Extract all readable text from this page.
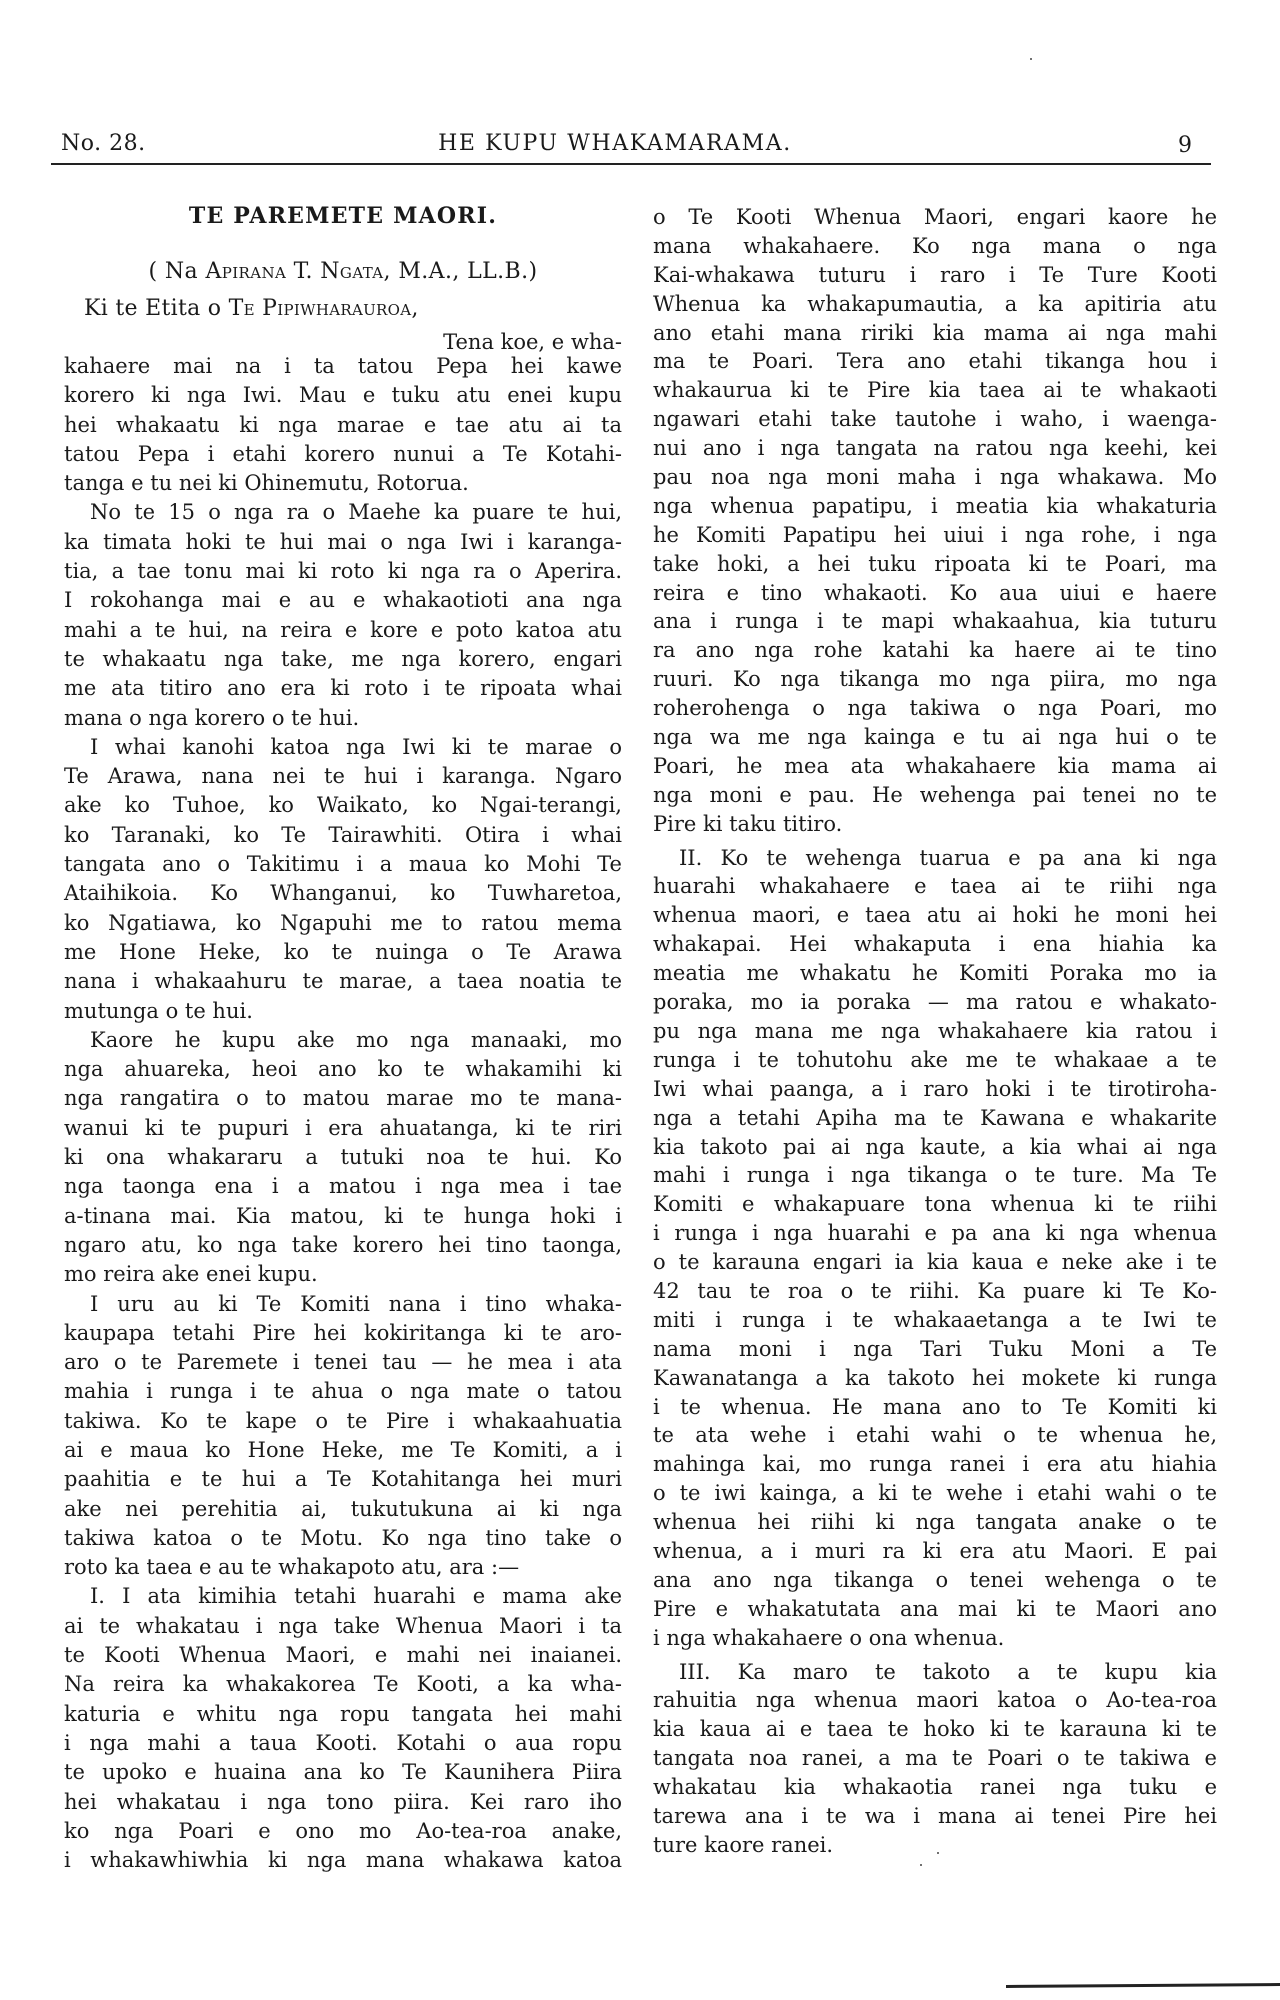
No. 28.	HE KUPU WHAKAMARAMA.	9
TE PAREMETE MAORI.
( Na Apirana T. Ngata, M.A., LL.B.)
Ki te Etita o Te Pipiwharauroa,
Tena koe, e wha-
kahaere mai na i ta tatou Pepa hei kawe
korero ki nga Iwi. Mau e tuku atu enei kupu
hei whakaatu ki nga marae e tae atu ai ta
tatou Pepa i etahi korero nunui a Te Kotahi-
tanga e tu nei ki Ohinemutu, Rotorua.
No te 15 o nga ra o Maehe ka puare te hui,
ka timata hoki te hui mai o nga Iwi i karanga-
tia, a tae tonu mai ki roto ki nga ra o Aperira.
I rokohanga mai e au e whakaotioti ana nga
mahi a te hui, na reira e kore e poto katoa atu
te whakaatu nga take, me nga korero, engari
me ata titiro ano era ki roto i te ripoata whai
mana o nga korero o te hui.
I whai kanohi katoa nga Iwi ki te marae o
Te Arawa, nana nei te hui i karanga. Ngaro
ake ko Tuhoe, ko Waikato, ko Ngai-terangi,
ko Taranaki, ko Te Tairawhiti. Otira i whai
tangata ano o Takitimu i a maua ko Mohi Te
Ataihikoia. Ko Whanganui, ko Tuwharetoa,
ko Ngatiawa, ko Ngapuhi me to ratou mema
me Hone Heke, ko te nuinga o Te Arawa
nana i whakaahuru te marae, a taea noatia te
mutunga o te hui.
Kaore he kupu ake mo nga manaaki, mo
nga ahuareka, heoi ano ko te whakamihi ki
nga rangatira o to matou marae mo te mana-
wanui ki te pupuri i era ahuatanga, ki te riri
ki ona whakararu a tutuki noa te hui. Ko
nga taonga ena i a matou i nga mea i tae
a-tinana mai. Kia matou, ki te hunga hoki i
ngaro atu, ko nga take korero hei tino taonga,
mo reira ake enei kupu.
I uru au ki Te Komiti nana i tino whaka-
kaupapa tetahi Pire hei kokiritanga ki te aro-
aro o te Paremete i tenei tau — he mea i ata
mahia i runga i te ahua o nga mate o tatou
takiwa. Ko te kape o te Pire i whakaahuatia
ai e maua ko Hone Heke, me Te Komiti, a i
paahitia e te hui a Te Kotahitanga hei muri
ake nei perehitia ai, tukutukuna ai ki nga
takiwa katoa o te Motu. Ko nga tino take o
roto ka taea e au te whakapoto atu, ara :—
I. I ata kimihia tetahi huarahi e mama ake
ai te whakatau i nga take Whenua Maori i ta
te Kooti Whenua Maori, e mahi nei inaianei.
Na reira ka whakakorea Te Kooti, a ka wha-
katuria e whitu nga ropu tangata hei mahi
i nga mahi a taua Kooti. Kotahi o aua ropu
te upoko e huaina ana ko Te Kaunihera Piira
hei whakatau i nga tono piira. Kei raro iho
ko nga Poari e ono mo Ao-tea-roa anake,
i whakawhiwhia ki nga mana whakawa katoa
o Te Kooti Whenua Maori, engari kaore he
mana whakahaere. Ko nga mana o nga
Kai-whakawa tuturu i raro i Te Ture Kooti
Whenua ka whakapumautia, a ka apitiria atu
ano etahi mana ririki kia mama ai nga mahi
ma te Poari. Tera ano etahi tikanga hou i
whakaurua ki te Pire kia taea ai te whakaoti
ngawari etahi take tautohe i waho, i waenga-
nui ano i nga tangata na ratou nga keehi, kei
pau noa nga moni maha i nga whakawa. Mo
nga whenua papatipu, i meatia kia whakaturia
he Komiti Papatipu hei uiui i nga rohe, i nga
take hoki, a hei tuku ripoata ki te Poari, ma
reira e tino whakaoti. Ko aua uiui e haere
ana i runga i te mapi whakaahua, kia tuturu
ra ano nga rohe katahi ka haere ai te tino
ruuri. Ko nga tikanga mo nga piira, mo nga
roherohenga o nga takiwa o nga Poari, mo
nga wa me nga kainga e tu ai nga hui o te
Poari, he mea ata whakahaere kia mama ai
nga moni e pau. He wehenga pai tenei no te
Pire ki taku titiro.
II. Ko te wehenga tuarua e pa ana ki nga
huarahi whakahaere e taea ai te riihi nga
whenua maori, e taea atu ai hoki he moni hei
whakapai. Hei whakaputa i ena hiahia ka
meatia me whakatu he Komiti Poraka mo ia
poraka, mo ia poraka — ma ratou e whakato-
pu nga mana me nga whakahaere kia ratou i
runga i te tohutohu ake me te whakaae a te
Iwi whai paanga, a i raro hoki i te tirotiroha-
nga a tetahi Apiha ma te Kawana e whakarite
kia takoto pai ai nga kaute, a kia whai ai nga
mahi i runga i nga tikanga o te ture. Ma Te
Komiti e whakapuare tona whenua ki te riihi
i runga i nga huarahi e pa ana ki nga whenua
o te karauna engari ia kia kaua e neke ake i te
42 tau te roa o te riihi. Ka puare ki Te Ko-
miti i runga i te whakaaetanga a te Iwi te
nama moni i nga Tari Tuku Moni a Te
Kawanatanga a ka takoto hei mokete ki runga
i te whenua. He mana ano to Te Komiti ki
te ata wehe i etahi wahi o te whenua he,
mahinga kai, mo runga ranei i era atu hiahia
o te iwi kainga, a ki te wehe i etahi wahi o te
whenua hei riihi ki nga tangata anake o te
whenua, a i muri ra ki era atu Maori. E pai
ana ano nga tikanga o tenei wehenga o te
Pire e whakatutata ana mai ki te Maori ano
i nga whakahaere o ona whenua.
III. Ka maro te takoto a te kupu kia
rahuitia nga whenua maori katoa o Ao-tea-roa
kia kaua ai e taea te hoko ki te karauna ki te
tangata noa ranei, a ma te Poari o te takiwa e
whakatau kia whakaotia ranei nga tuku e
tarewa ana i te wa i mana ai tenei Pire hei
ture kaore ranei.
